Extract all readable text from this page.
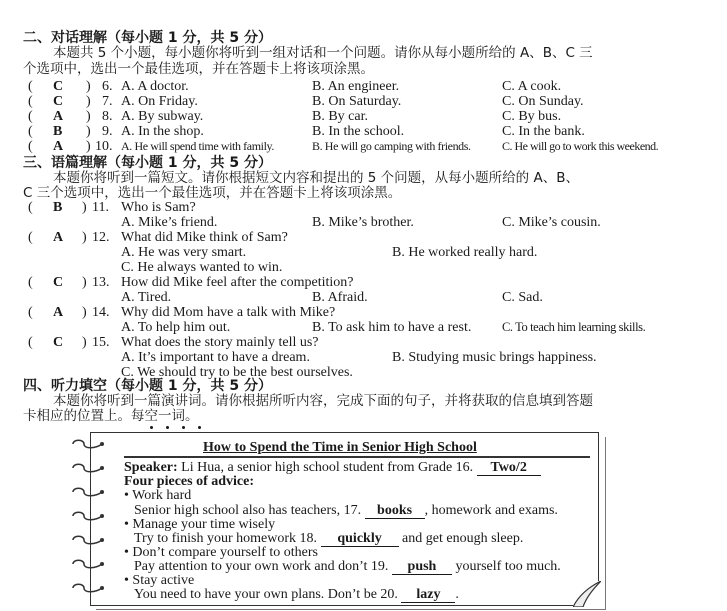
二、对话理解（每小题 1 分，共 5 分）
本题共 5 个小题，每小题你将听到一组对话和一个问题。请你从每小题所给的 A、B、C 三
个选项中，选出一个最佳选项，并在答题卡上将该项涂黑。
( C ) 6. A. A doctor.	B. An engineer.	C. A cook.
( C ) 7. A. On Friday.	B. On Saturday.	C. On Sunday.
( A ) 8. A. By subway.	B. By car.	C. By bus.
( B ) 9. A. In the shop.	B. In the school.	C. In the bank.
( A ) 10. A. He will spend time with family.	B. He will go camping with friends.	C. He will go to work this weekend.
三、语篇理解（每小题 1 分，共 5 分）
本题你将听到一篇短文。请你根据短文内容和提出的 5 个问题，从每小题所给的 A、B、
C 三个选项中，选出一个最佳选项，并在答题卡上将该项涂黑。
( B ) 11. Who is Sam?
A. Mike’s friend.	B. Mike’s brother.	C. Mike’s cousin.
( A ) 12. What did Mike think of Sam?
A. He was very smart.	B. He worked really hard.
C. He always wanted to win.
( C ) 13. How did Mike feel after the competition?
A. Tired.	B. Afraid.	C. Sad.
( A ) 14. Why did Mom have a talk with Mike?
A. To help him out.	B. To ask him to have a rest. C. To teach him learning skills.
( C ) 15. What does the story mainly tell us?
A. It’s important to have a dream.	B. Studying music brings happiness.
C. We should try to be the best ourselves.
四、听力填空（每小题 1 分，共 5 分）
本题你将听到一篇演讲词。请你根据所听内容，完成下面的句子，并将获取的信息填到答题
卡相应的位置上。每空一词。
How to Spend the Time in Senior High School
Speaker: Li Hua, a senior high school student from Grade 16. Two/2
Four pieces of advice:
• Work hard
Senior high school also has teachers, 17. books , homework and exams.
• Manage your time wisely
Try to finish your homework 18. quickly and get enough sleep.
• Don’t compare yourself to others
Pay attention to your own work and don’t 19. push yourself too much.
• Stay active
You need to have your own plans. Don’t be 20. lazy .
